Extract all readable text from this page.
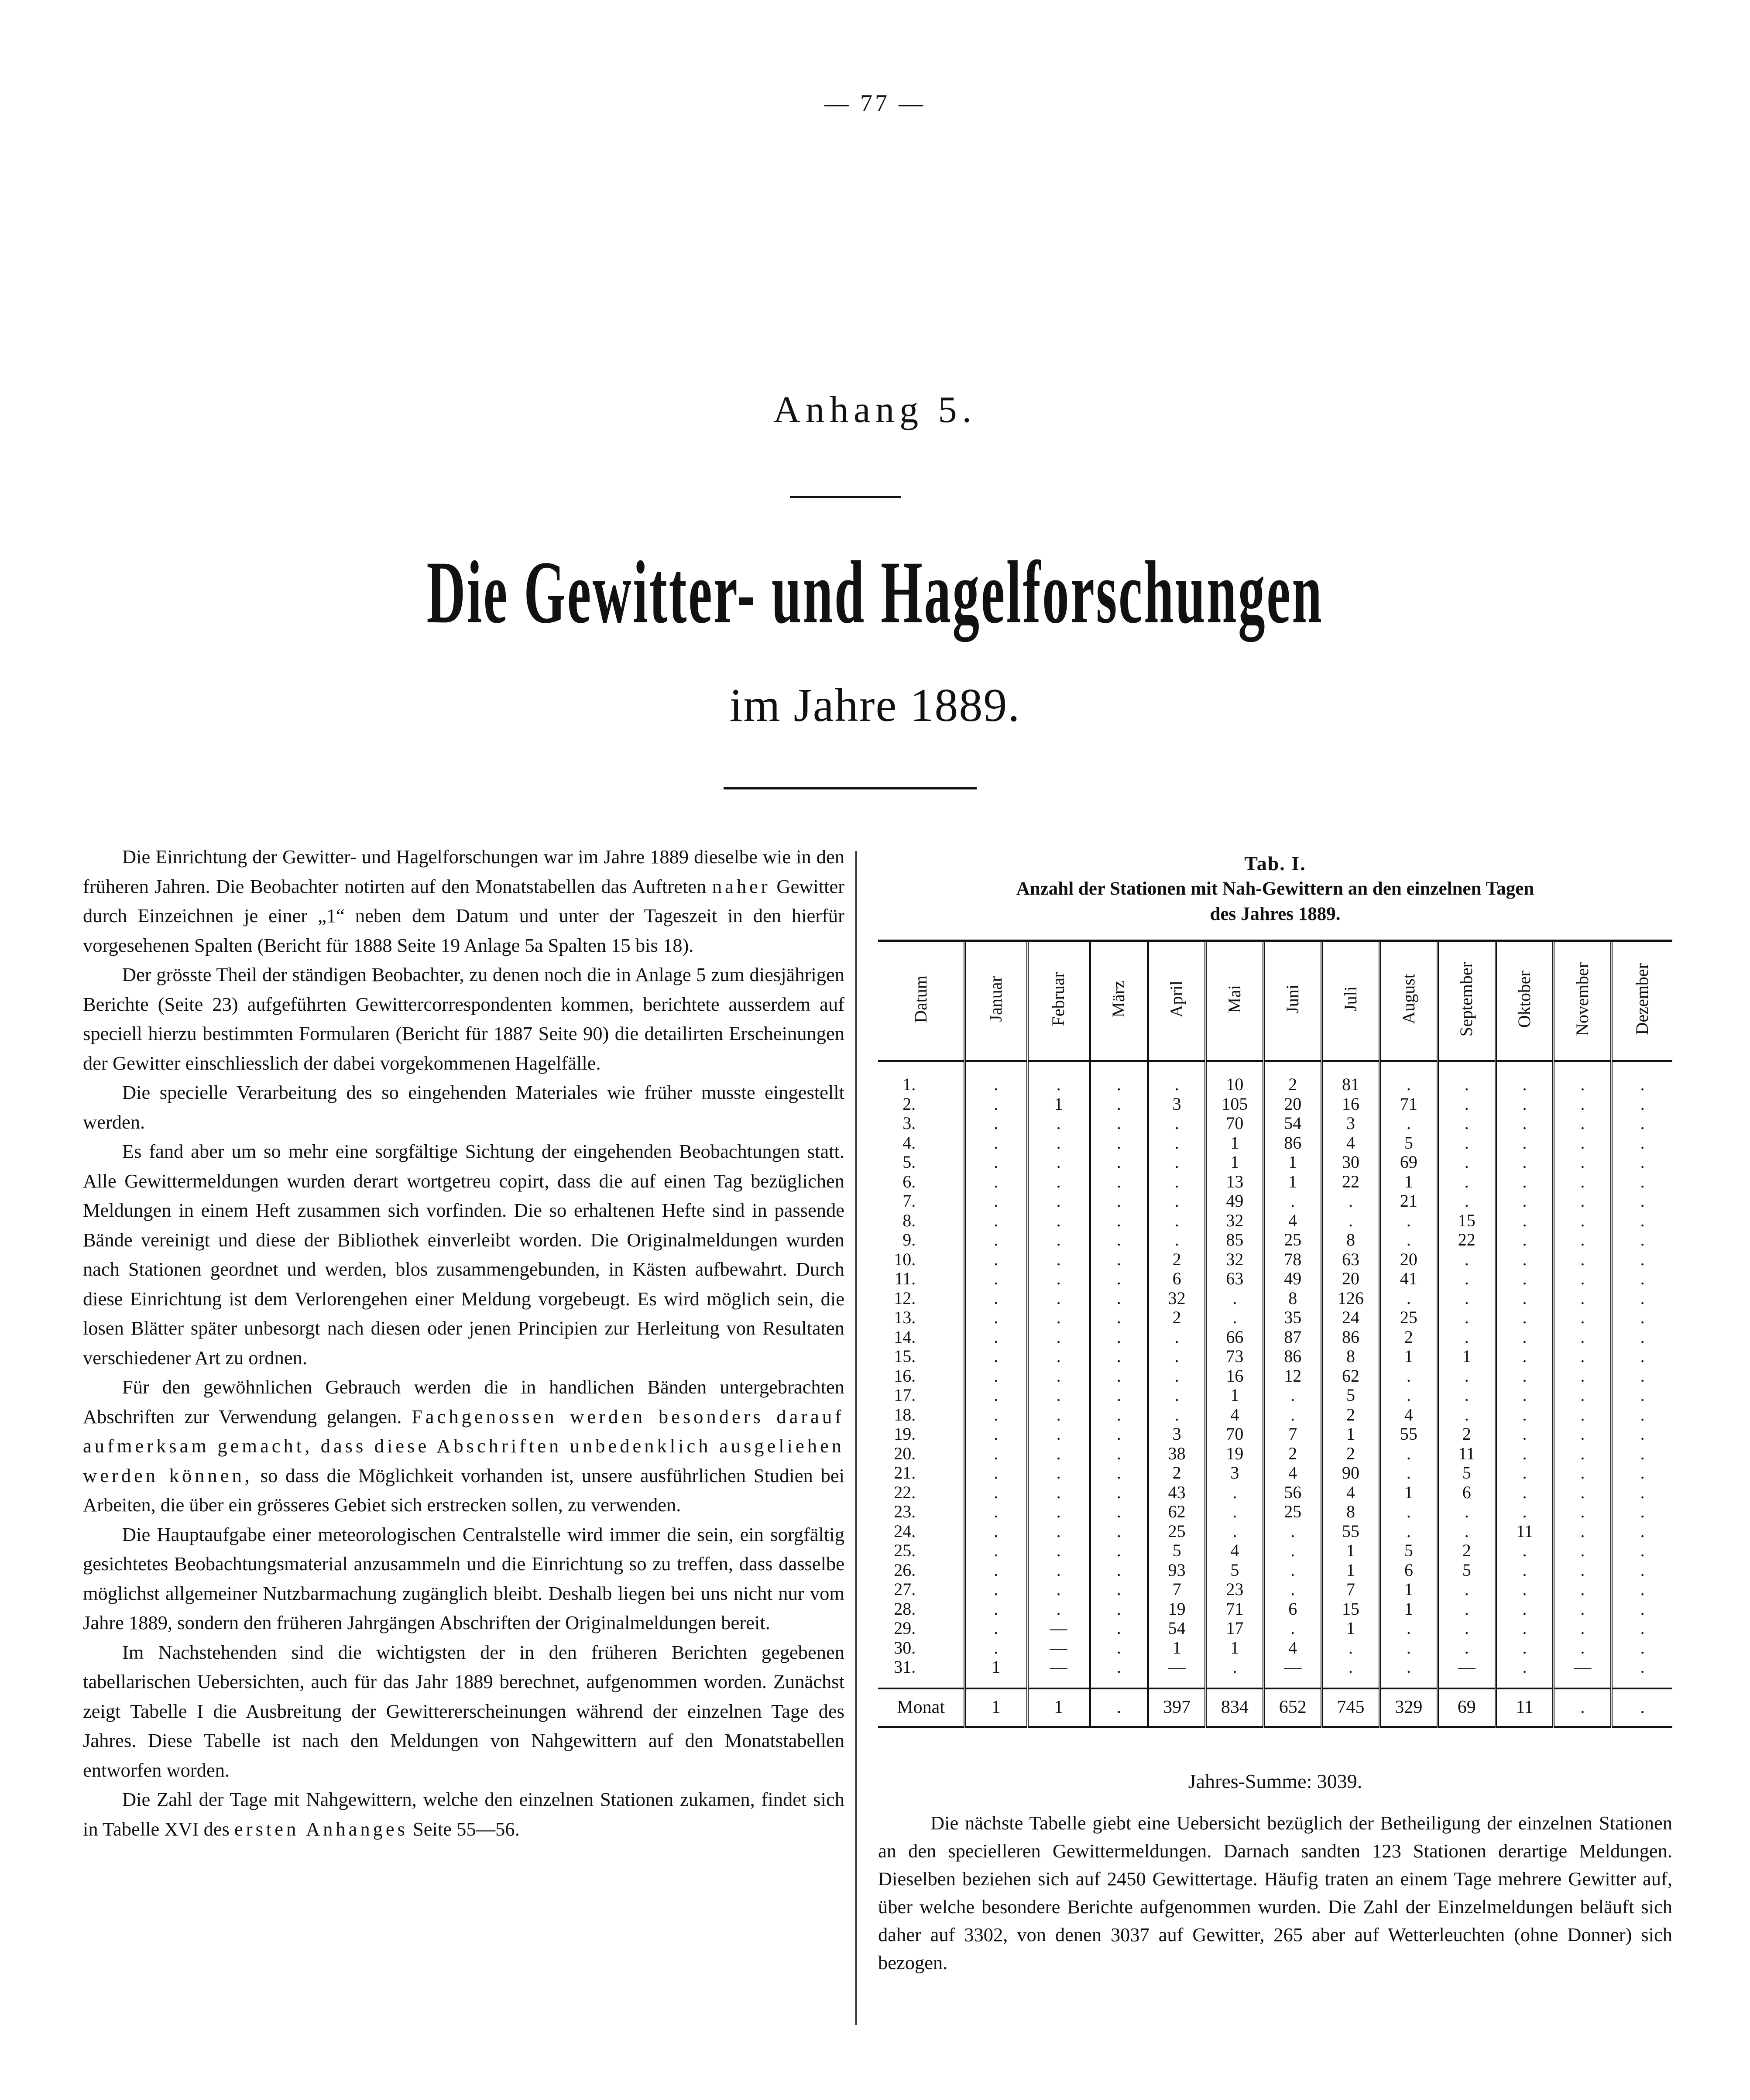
— 77 —
Anhang 5.
Die Gewitter- und Hagelforschungen
im Jahre 1889.

Die Einrichtung der Gewitter- und Hagelforschungen war im Jahre 1889 dieselbe wie in den früheren Jahren. Die Beobachter notirten auf den Monatstabellen das Auftreten naher Gewitter durch Einzeichnen je einer „1“ neben dem Datum und unter der Tageszeit in den hierfür vorgesehenen Spalten (Bericht für 1888 Seite 19 Anlage 5a Spalten 15 bis 18).

Der grösste Theil der ständigen Beobachter, zu denen noch die in Anlage 5 zum diesjährigen Berichte (Seite 23) aufgeführten Gewittercorrespondenten kommen, berichtete ausserdem auf speciell hierzu bestimmten Formularen (Bericht für 1887 Seite 90) die detailirten Erscheinungen der Gewitter einschliesslich der dabei vorgekommenen Hagelfälle.

Die specielle Verarbeitung des so eingehenden Materiales wie früher musste eingestellt werden.

Es fand aber um so mehr eine sorgfältige Sichtung der eingehenden Beobachtungen statt. Alle Gewittermeldungen wurden derart wortgetreu copirt, dass die auf einen Tag bezüglichen Meldungen in einem Heft zusammen sich vorfinden. Die so erhaltenen Hefte sind in passende Bände vereinigt und diese der Bibliothek einverleibt worden. Die Originalmeldungen wurden nach Stationen geordnet und werden, blos zusammengebunden, in Kästen aufbewahrt. Durch diese Einrichtung ist dem Verlorengehen einer Meldung vorgebeugt. Es wird möglich sein, die losen Blätter später unbesorgt nach diesen oder jenen Principien zur Herleitung von Resultaten verschiedener Art zu ordnen.

Für den gewöhnlichen Gebrauch werden die in handlichen Bänden untergebrachten Abschriften zur Verwendung gelangen. Fachgenossen werden besonders darauf aufmerksam gemacht, dass diese Abschriften unbedenklich ausgeliehen werden können, so dass die Möglichkeit vorhanden ist, unsere ausführlichen Studien bei Arbeiten, die über ein grösseres Gebiet sich erstrecken sollen, zu verwenden.

Die Hauptaufgabe einer meteorologischen Centralstelle wird immer die sein, ein sorgfältig gesichtetes Beobachtungsmaterial anzusammeln und die Einrichtung so zu treffen, dass dasselbe möglichst allgemeiner Nutzbarmachung zugänglich bleibt. Deshalb liegen bei uns nicht nur vom Jahre 1889, sondern den früheren Jahrgängen Abschriften der Originalmeldungen bereit.

Im Nachstehenden sind die wichtigsten der in den früheren Berichten gegebenen tabellarischen Uebersichten, auch für das Jahr 1889 berechnet, aufgenommen worden. Zunächst zeigt Tabelle I die Ausbreitung der Gewittererscheinungen während der einzelnen Tage des Jahres. Diese Tabelle ist nach den Meldungen von Nahgewittern auf den Monatstabellen entworfen worden.

Die Zahl der Tage mit Nahgewittern, welche den einzelnen Stationen zukamen, findet sich in Tabelle XVI des ersten Anhanges Seite 55—56.

Tab. I.
Anzahl der Stationen mit Nah-Gewittern an den einzelnen Tagen
des Jahres 1889.
Datum	Januar	Februar	März	April	Mai	Juni	Juli	August	September	Oktober	November	Dezember

1.	.	.	.	.	10	2	81	.	.	.	.	.
2.	.	1	.	3	105	20	16	71	.	.	.	.
3.	.	.	.	.	70	54	3	.	.	.	.	.
4.	.	.	.	.	1	86	4	5	.	.	.	.
5.	.	.	.	.	1	1	30	69	.	.	.	.
6.	.	.	.	.	13	1	22	1	.	.	.	.
7.	.	.	.	.	49	.	.	21	.	.	.	.
8.	.	.	.	.	32	4	.	.	15	.	.	.
9.	.	.	.	.	85	25	8	.	22	.	.	.
10.	.	.	.	2	32	78	63	20	.	.	.	.
11.	.	.	.	6	63	49	20	41	.	.	.	.
12.	.	.	.	32	.	8	126	.	.	.	.	.
13.	.	.	.	2	.	35	24	25	.	.	.	.
14.	.	.	.	.	66	87	86	2	.	.	.	.
15.	.	.	.	.	73	86	8	1	1	.	.	.
16.	.	.	.	.	16	12	62	.	.	.	.	.
17.	.	.	.	.	1	.	5	.	.	.	.	.
18.	.	.	.	.	4	.	2	4	.	.	.	.
19.	.	.	.	3	70	7	1	55	2	.	.	.
20.	.	.	.	38	19	2	2	.	11	.	.	.
21.	.	.	.	2	3	4	90	.	5	.	.	.
22.	.	.	.	43	.	56	4	1	6	.	.	.
23.	.	.	.	62	.	25	8	.	.	.	.	.
24.	.	.	.	25	.	.	55	.	.	11	.	.
25.	.	.	.	5	4	.	1	5	2	.	.	.
26.	.	.	.	93	5	.	1	6	5	.	.	.
27.	.	.	.	7	23	.	7	1	.	.	.	.
28.	.	.	.	19	71	6	15	1	.	.	.	.
29.	.	—	.	54	17	.	1	.	.	.	.	.
30.	.	—	.	1	1	4	.	.	.	.	.	.
31.	1	—	.	—	.	—	.	.	—	.	—	.

Monat	1	1	.	397	834	652	745	329	69	11	.	.
Jahres-Summe: 3039.

Die nächste Tabelle giebt eine Uebersicht bezüglich der Betheiligung der einzelnen Stationen an den specielleren Gewittermeldungen. Darnach sandten 123 Stationen derartige Meldungen. Dieselben beziehen sich auf 2450 Gewittertage. Häufig traten an einem Tage mehrere Gewitter auf, über welche besondere Berichte aufgenommen wurden. Die Zahl der Einzelmeldungen beläuft sich daher auf 3302, von denen 3037 auf Gewitter, 265 aber auf Wetterleuchten (ohne Donner) sich bezogen.
